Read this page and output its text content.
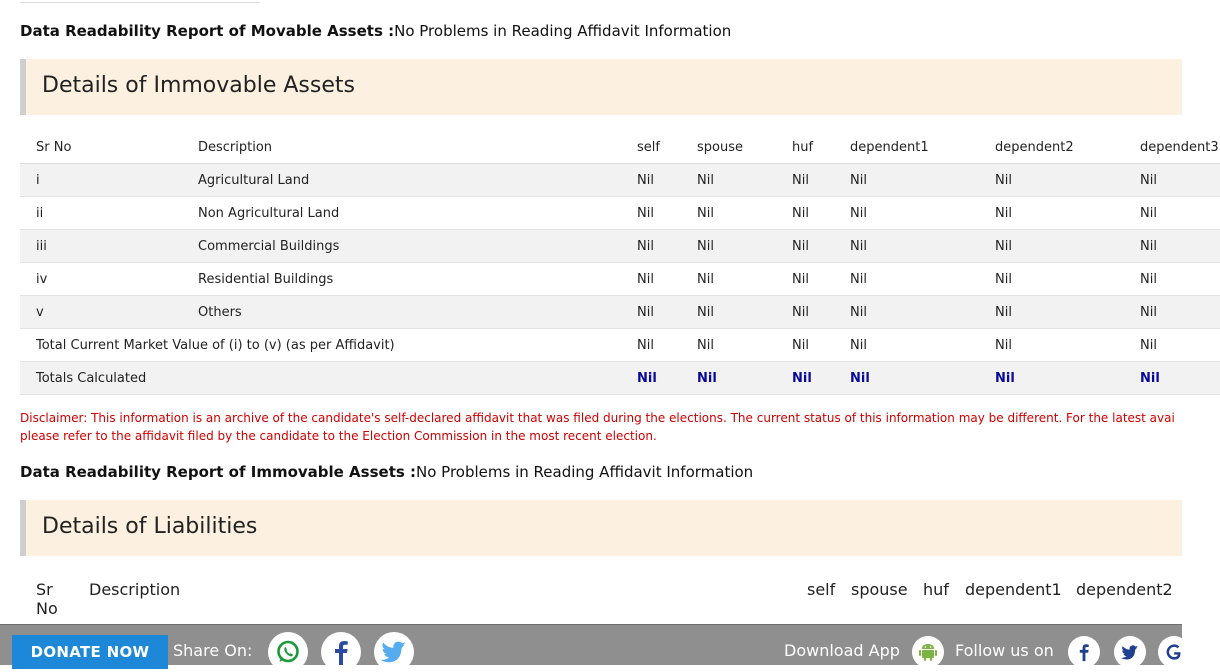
Data Readability Report of Movable Assets :No Problems in Reading Affidavit Information
Details of Immovable Assets
Sr No	Description	self	spouse	huf	dependent1	dependent2	dependent3
i	Agricultural Land	Nil	Nil	Nil	Nil	Nil	Nil
ii	Non Agricultural Land	Nil	Nil	Nil	Nil	Nil	Nil
iii	Commercial Buildings	Nil	Nil	Nil	Nil	Nil	Nil
iv	Residential Buildings	Nil	Nil	Nil	Nil	Nil	Nil
v	Others	Nil	Nil	Nil	Nil	Nil	Nil
Total Current Market Value of (i) to (v) (as per Affidavit)		Nil	Nil	Nil	Nil	Nil	Nil
Totals Calculated		Nil	Nil	Nil	Nil	Nil	Nil
Disclaimer: This information is an archive of the candidate's self-declared affidavit that was filed during the elections. The current status of this information may be different. For the latest avai
please refer to the affidavit filed by the candidate to the Election Commission in the most recent election.
Data Readability Report of Immovable Assets :No Problems in Reading Affidavit Information
Details of Liabilities
Sr
No
Description	self spouse huf dependent1 dependent2
DONATE NOW	Share On:	Download App	Follow us on
